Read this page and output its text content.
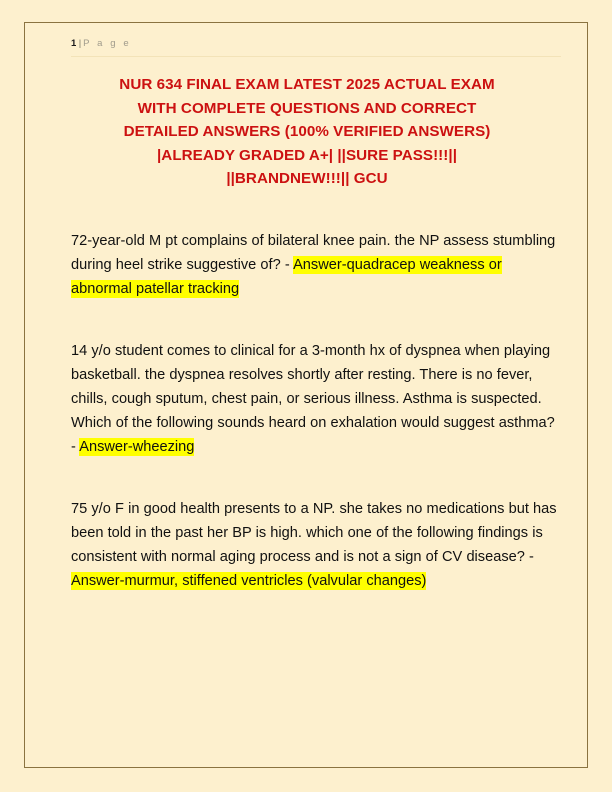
1 | P a g e
NUR 634 FINAL EXAM LATEST 2025 ACTUAL EXAM
WITH COMPLETE QUESTIONS AND CORRECT
DETAILED ANSWERS (100% VERIFIED ANSWERS)
|ALREADY GRADED A+| ||SURE PASS!!!||
||BRANDNEW!!!|| GCU

72-year-old M pt complains of bilateral knee pain. the NP assess stumbling during heel strike suggestive of? - Answer-quadracep weakness or abnormal patellar tracking

14 y/o student comes to clinical for a 3-month hx of dyspnea when playing basketball. the dyspnea resolves shortly after resting. There is no fever, chills, cough sputum, chest pain, or serious illness. Asthma is suspected. Which of the following sounds heard on exhalation would suggest asthma? - Answer-wheezing

75 y/o F in good health presents to a NP. she takes no medications but has been told in the past her BP is high. which one of the following findings is consistent with normal aging process and is not a sign of CV disease? - Answer-murmur, stiffened ventricles (valvular changes)
